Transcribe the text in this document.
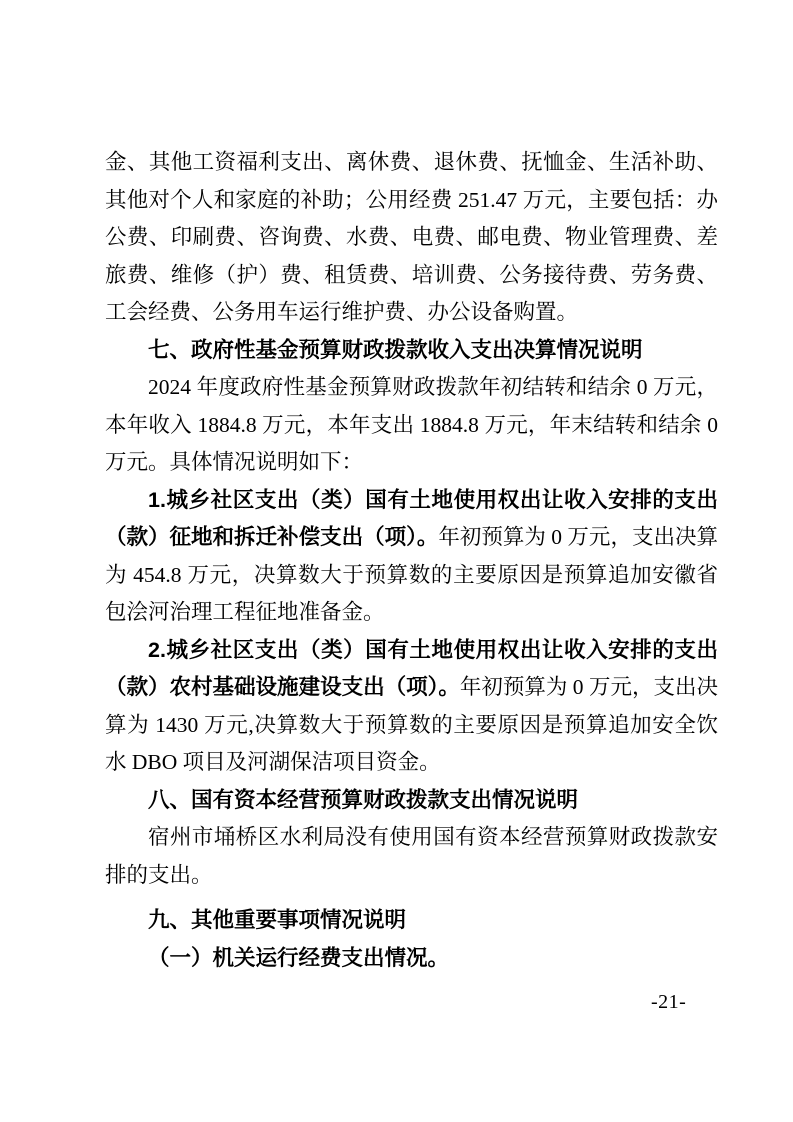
金、其他工资福利支出、离休费、退休费、抚恤金、生活补助、其他对个人和家庭的补助；公用经费 251.47 万元，主要包括：办公费、印刷费、咨询费、水费、电费、邮电费、物业管理费、差旅费、维修（护）费、租赁费、培训费、公务接待费、劳务费、工会经费、公务用车运行维护费、办公设备购置。

七、政府性基金预算财政拨款收入支出决算情况说明

2024 年度政府性基金预算财政拨款年初结转和结余 0 万元，本年收入 1884.8 万元，本年支出 1884.8 万元，年末结转和结余 0 万元。具体情况说明如下：

1.城乡社区支出（类）国有土地使用权出让收入安排的支出（款）征地和拆迁补偿支出（项）。年初预算为 0 万元，支出决算为 454.8 万元，决算数大于预算数的主要原因是预算追加安徽省包浍河治理工程征地准备金。

2.城乡社区支出（类）国有土地使用权出让收入安排的支出（款）农村基础设施建设支出（项）。年初预算为 0 万元，支出决算为 1430 万元,决算数大于预算数的主要原因是预算追加安全饮水 DBO 项目及河湖保洁项目资金。

八、国有资本经营预算财政拨款支出情况说明

宿州市埇桥区水利局没有使用国有资本经营预算财政拨款安排的支出。

九、其他重要事项情况说明

（一）机关运行经费支出情况。

-21-
